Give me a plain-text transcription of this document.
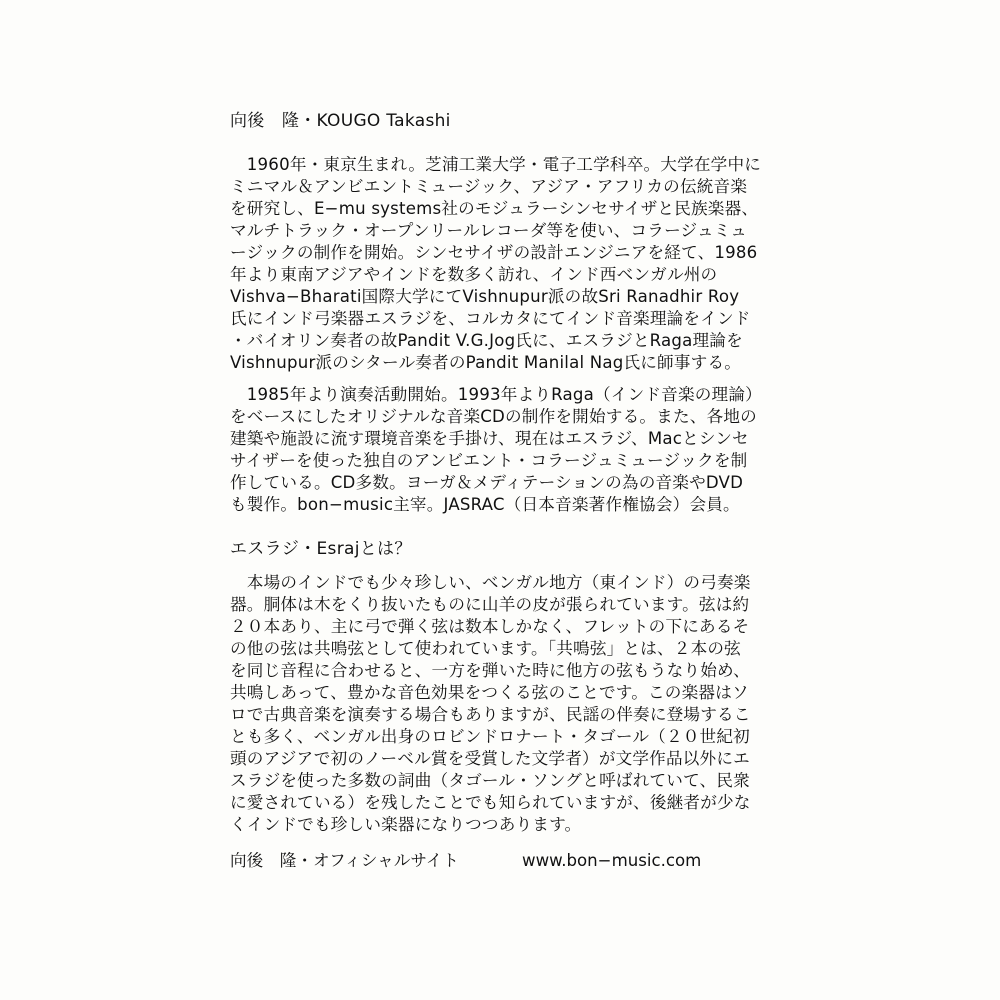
向後　隆・KOUGO Takashi
　1960年・東京生まれ。芝浦工業大学・電子工学科卒。大学在学中に
ミニマル＆アンビエントミュージック、アジア・アフリカの伝統音楽
を研究し、E−mu systems社のモジュラーシンセサイザと民族楽器、
マルチトラック・オープンリールレコーダ等を使い、コラージュミュ
ージックの制作を開始。シンセサイザの設計エンジニアを経て、1986
年より東南アジアやインドを数多く訪れ、インド西ベンガル州の
Vishva−Bharati国際大学にてVishnupur派の故Sri Ranadhir Roy
氏にインド弓楽器エスラジを、コルカタにてインド音楽理論をインド
・バイオリン奏者の故Pandit V.G.Jog氏に、エスラジとRaga理論を
Vishnupur派のシタール奏者のPandit Manilal Nag氏に師事する。
　1985年より演奏活動開始。1993年よりRaga（インド音楽の理論）
をベースにしたオリジナルな音楽CDの制作を開始する。また、各地の
建築や施設に流す環境音楽を手掛け、現在はエスラジ、Macとシンセ
サイザーを使った独自のアンビエント・コラージュミュージックを制
作している。CD多数。ヨーガ＆メディテーションの為の音楽やDVD
も製作。bon−music主宰。JASRAC（日本音楽著作権協会）会員。
エスラジ・Esrajとは？
　本場のインドでも少々珍しい、ベンガル地方（東インド）の弓奏楽
器。胴体は木をくり抜いたものに山羊の皮が張られています。弦は約
２０本あり、主に弓で弾く弦は数本しかなく、フレットの下にあるそ
の他の弦は共鳴弦として使われています。「共鳴弦」とは、２本の弦
を同じ音程に合わせると、一方を弾いた時に他方の弦もうなり始め、
共鳴しあって、豊かな音色効果をつくる弦のことです。この楽器はソ
ロで古典音楽を演奏する場合もありますが、民謡の伴奏に登場するこ
とも多く、ベンガル出身のロビンドロナート・タゴール（２０世紀初
頭のアジアで初のノーベル賞を受賞した文学者）が文学作品以外にエ
スラジを使った多数の詞曲（タゴール・ソングと呼ばれていて、民衆
に愛されている）を残したことでも知られていますが、後継者が少な
くインドでも珍しい楽器になりつつあります。
向後　隆・オフィシャルサイト	www.bon−music.com
